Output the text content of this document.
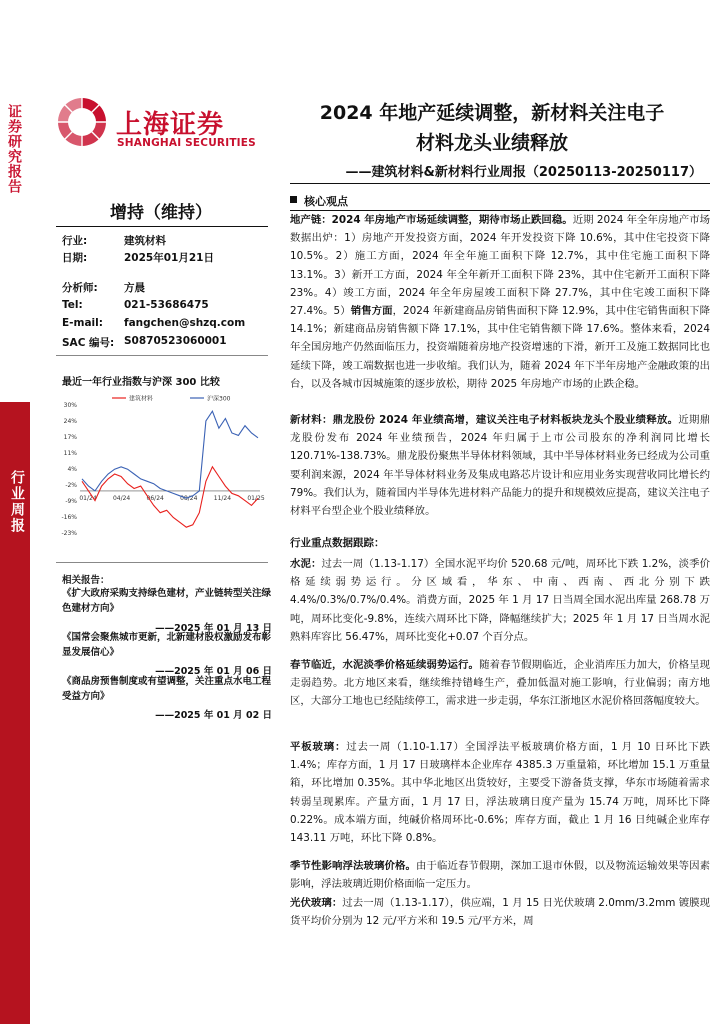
证券研究报告
行业周报
上海证券
SHANGHAI SECURITIES
2024 年地产延续调整，新材料关注电子
材料龙头业绩释放
——建筑材料&新材料行业周报（20250113-20250117）
增持（维持）
行业:	建筑材料
日期:	2025年01月21日
分析师:	方晨
Tel:	021-53686475
E-mail: fangchen@shzq.com
SAC 编号: S0870523060001
最近一年行业指数与沪深 300 比较
30%
24%
17%
11%
4%
-2%
-9%
-16%
-23%
01/24	04/24	06/24	08/24	11/24	01/25
建筑材料	沪深300
相关报告：
《扩大政府采购支持绿色建材，产业链转型关注绿色建材方向》
——2025 年 01 月 13 日
《国常会聚焦城市更新，北新建材股权激励发布彰显发展信心》
——2025 年 01 月 06 日
《商品房预售制度或有望调整，关注重点水电工程受益方向》
——2025 年 01 月 02 日
核心观点
地产链：2024 年房地产市场延续调整，期待市场止跌回稳。近期 2024 年全年房地产市场数据出炉：1）房地产开发投资方面，2024 年开发投资下降 10.6%，其中住宅投资下降 10.5%。2）施工方面，2024 年全年施工面积下降 12.7%，其中住宅施工面积下降 13.1%。3）新开工方面，2024 年全年新开工面积下降 23%，其中住宅新开工面积下降 23%。4）竣工方面，2024 年全年房屋竣工面积下降 27.7%，其中住宅竣工面积下降 27.4%。5）销售方面，2024 年新建商品房销售面积下降 12.9%，其中住宅销售面积下降 14.1%；新建商品房销售额下降 17.1%，其中住宅销售额下降 17.6%。整体来看，2024 年全国房地产仍然面临压力，投资端随着房地产投资增速的下滑，新开工及施工数据同比也延续下降，竣工端数据也进一步收缩。我们认为，随着 2024 年下半年房地产金融政策的出台，以及各城市因城施策的逐步放松，期待 2025 年房地产市场的止跌企稳。
新材料：鼎龙股份 2024 年业绩高增，建议关注电子材料板块龙头个股业绩释放。近期鼎龙股份发布 2024 年业绩预告，2024 年归属于上市公司股东的净利润同比增长 120.71%-138.73%。鼎龙股份聚焦半导体材料领域，其中半导体材料业务已经成为公司重要利润来源，2024 年半导体材料业务及集成电路芯片设计和应用业务实现营收同比增长约 79%。我们认为，随着国内半导体先进材料产品能力的提升和规模效应提高，建议关注电子材料平台型企业个股业绩释放。
行业重点数据跟踪：
水泥：过去一周（1.13-1.17）全国水泥平均价 520.68 元/吨，周环比下跌 1.2%，淡季价格延续弱势运行。分区域看，华东、中南、西南、西北分别下跌 4.4%/0.3%/0.7%/0.4%。消费方面，2025 年 1 月 17 日当周全国水泥出库量 268.78 万吨，周环比变化-9.8%，连续六周环比下降，降幅继续扩大；2025 年 1 月 17 日当周水泥熟料库容比 56.47%，周环比变化+0.07 个百分点。
春节临近，水泥淡季价格延续弱势运行。随着春节假期临近，企业消库压力加大，价格呈现走弱趋势。北方地区来看，继续维持错峰生产，叠加低温对施工影响，行业偏弱；南方地区，大部分工地也已经陆续停工，需求进一步走弱，华东江浙地区水泥价格回落幅度较大。
平板玻璃：过去一周（1.10-1.17）全国浮法平板玻璃价格方面，1 月 10 日环比下跌 1.4%；库存方面，1 月 17 日玻璃样本企业库存 4385.3 万重量箱，环比增加 15.1 万重量箱，环比增加 0.35%。其中华北地区出货较好，主要受下游备货支撑，华东市场随着需求转弱呈现累库。产量方面，1 月 17 日，浮法玻璃日度产量为 15.74 万吨，周环比下降 0.22%。成本端方面，纯碱价格周环比-0.6%；库存方面，截止 1 月 16 日纯碱企业库存 143.11 万吨，环比下降 0.8%。
季节性影响浮法玻璃价格。由于临近春节假期，深加工退市休假，以及物流运输效果等因素影响，浮法玻璃近期价格面临一定压力。
光伏玻璃：过去一周（1.13-1.17），供应端，1 月 15 日光伏玻璃 2.0mm/3.2mm 镀膜现货平均价分别为 12 元/平方米和 19.5 元/平方米，周
